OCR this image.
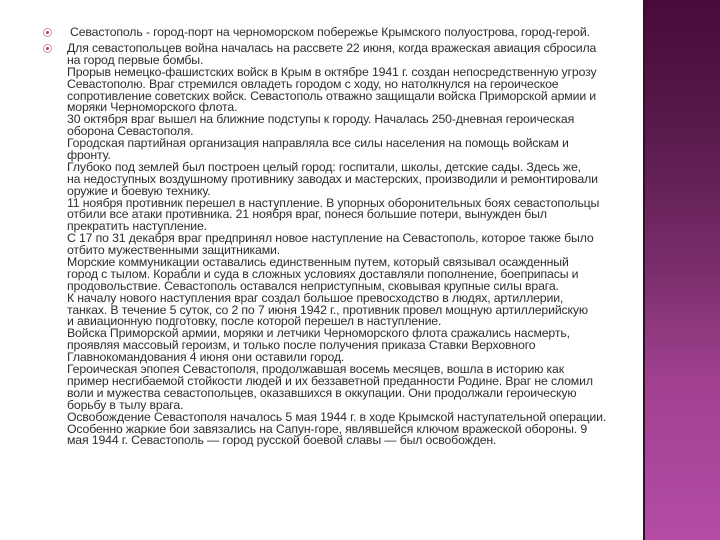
Севастополь - город-порт на черноморском побережье Крымского полуострова, город-герой.
Для севастопольцев война началась на рассвете 22 июня, когда вражеская авиация сбросила
на город первые бомбы.
Прорыв немецко-фашистских войск в Крым в октябре 1941 г. создан непосредственную угрозу
Севастополю. Враг стремился овладеть городом с ходу, но натолкнулся на героическое
сопротивление советских войск. Севастополь отважно защищали войска Приморской армии и
моряки Черноморского флота.
30 октября враг вышел на ближние подступы к городу. Началась 250-дневная героическая
оборона Севастополя.
Городская партийная организация направляла все силы населения на помощь войскам и
фронту.
Глубоко под землей был построен целый город: госпитали, школы, детские сады. Здесь же,
на недоступных воздушному противнику заводах и мастерских, производили и ремонтировали
оружие и боевую технику.
11 ноября противник перешел в наступление. В упорных оборонительных боях севастопольцы
отбили все атаки противника. 21 ноября враг, понеся большие потери, вынужден был
прекратить наступление.
С 17 по 31 декабря враг предпринял новое наступление на Севастополь, которое также было
отбито мужественными защитниками.
Морские коммуникации оставались единственным путем, который связывал осажденный
город с тылом. Корабли и суда в сложных условиях доставляли пополнение, боеприпасы и
продовольствие. Севастополь оставался неприступным, сковывая крупные силы врага.
К началу нового наступления враг создал большое превосходство в людях, артиллерии,
танках. В течение 5 суток, со 2 по 7 июня 1942 г., противник провел мощную артиллерийскую
и авиационную подготовку, после которой перешел в наступление.
Войска Приморской армии, моряки и летчики Черноморского флота сражались насмерть,
проявляя массовый героизм, и только после получения приказа Ставки Верховного
Главнокомандования 4 июня они оставили город.
Героическая эпопея Севастополя, продолжавшая восемь месяцев, вошла в историю как
пример несгибаемой стойкости людей и их беззаветной преданности Родине. Враг не сломил
воли и мужества севастопольцев, оказавшихся в оккупации. Они продолжали героическую
борьбу в тылу врага.
Освобождение Севастополя началось 5 мая 1944 г. в ходе Крымской наступательной операции.
Особенно жаркие бои завязались на Сапун-горе, являвшейся ключом вражеской обороны. 9
мая 1944 г. Севастополь — город русской боевой славы — был освобожден.
